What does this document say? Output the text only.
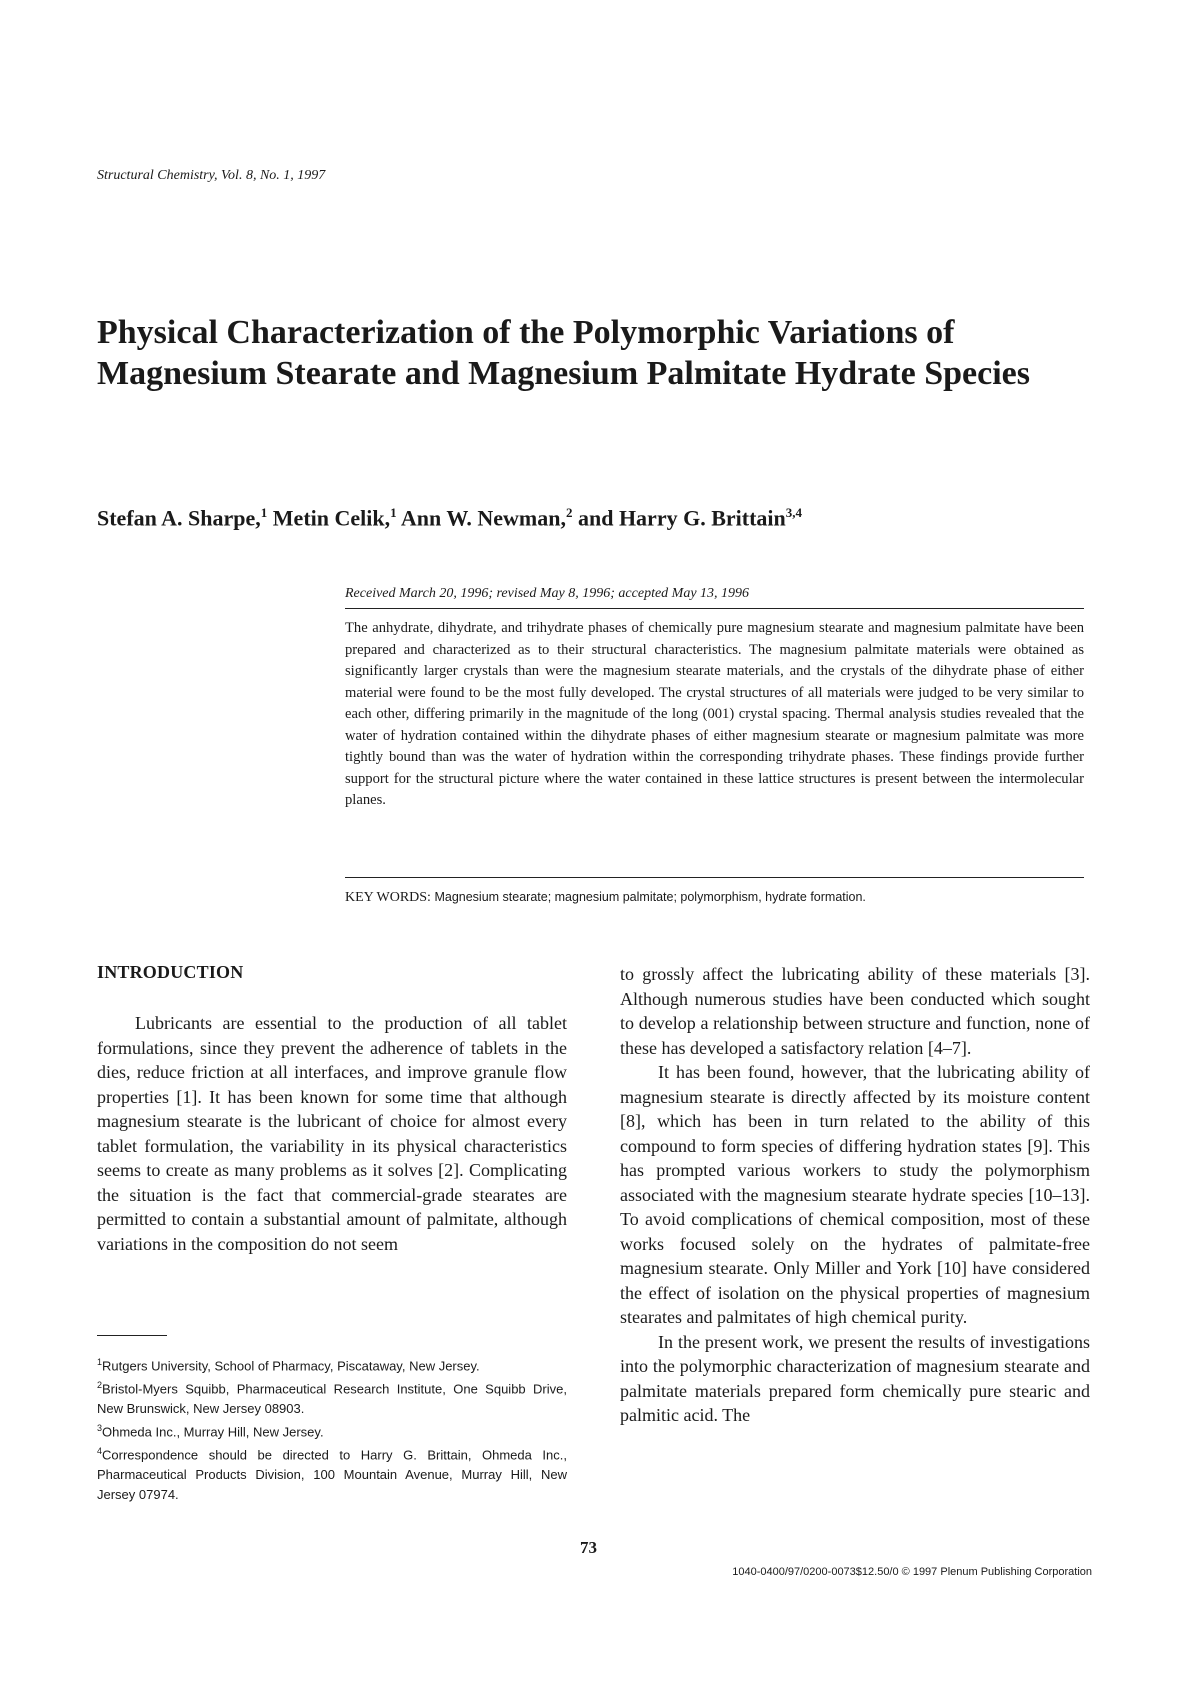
Structural Chemistry, Vol. 8, No. 1, 1997
Physical Characterization of the Polymorphic Variations of Magnesium Stearate and Magnesium Palmitate Hydrate Species

Stefan A. Sharpe,$^1$ Metin Celik,$^1$ Ann W. Newman,$^2$ and Harry G. Brittain$^{3,4}$

Received March 20, 1996; revised May 8, 1996; accepted May 13, 1996

The anhydrate, dihydrate, and trihydrate phases of chemically pure magnesium stearate and magnesium palmitate have been prepared and characterized as to their structural characteristics. The magnesium palmitate materials were obtained as significantly larger crystals than were the magnesium stearate materials, and the crystals of the dihydrate phase of either material were found to be the most fully developed. The crystal structures of all materials were judged to be very similar to each other, differing primarily in the magnitude of the long (001) crystal spacing. Thermal analysis studies revealed that the water of hydration contained within the dihydrate phases of either magnesium stearate or magnesium palmitate was more tightly bound than was the water of hydration within the corresponding trihydrate phases. These findings provide further support for the structural picture where the water contained in these lattice structures is present between the intermolecular planes.

KEY WORDS: Magnesium stearate; magnesium palmitate; polymorphism, hydrate formation.
INTRODUCTION

Lubricants are essential to the production of all tablet formulations, since they prevent the adherence of tablets in the dies, reduce friction at all interfaces, and improve granule flow properties [1]. It has been known for some time that although magnesium stearate is the lubricant of choice for almost every tablet formulation, the variability in its physical characteristics seems to create as many problems as it solves [2]. Complicating the situation is the fact that commercial-grade stearates are permitted to contain a substantial amount of palmitate, although variations in the composition do not seem

to grossly affect the lubricating ability of these materials [3]. Although numerous studies have been conducted which sought to develop a relationship between structure and function, none of these has developed a satisfactory relation [4–7].

It has been found, however, that the lubricating ability of magnesium stearate is directly affected by its moisture content [8], which has been in turn related to the ability of this compound to form species of differing hydration states [9]. This has prompted various workers to study the polymorphism associated with the magnesium stearate hydrate species [10–13]. To avoid complications of chemical composition, most of these works focused solely on the hydrates of palmitate-free magnesium stearate. Only Miller and York [10] have considered the effect of isolation on the physical properties of magnesium stearates and palmitates of high chemical purity.

In the present work, we present the results of investigations into the polymorphic characterization of magnesium stearate and palmitate materials prepared form chemically pure stearic and palmitic acid. The

$^1$Rutgers University, School of Pharmacy, Piscataway, New Jersey.

$^2$Bristol-Myers Squibb, Pharmaceutical Research Institute, One Squibb Drive, New Brunswick, New Jersey 08903.

$^3$Ohmeda Inc., Murray Hill, New Jersey.

$^4$Correspondence should be directed to Harry G. Brittain, Ohmeda Inc., Pharmaceutical Products Division, 100 Mountain Avenue, Murray Hill, New Jersey 07974.

73
1040-0400/97/0200-0073$12.50/0 © 1997 Plenum Publishing Corporation
